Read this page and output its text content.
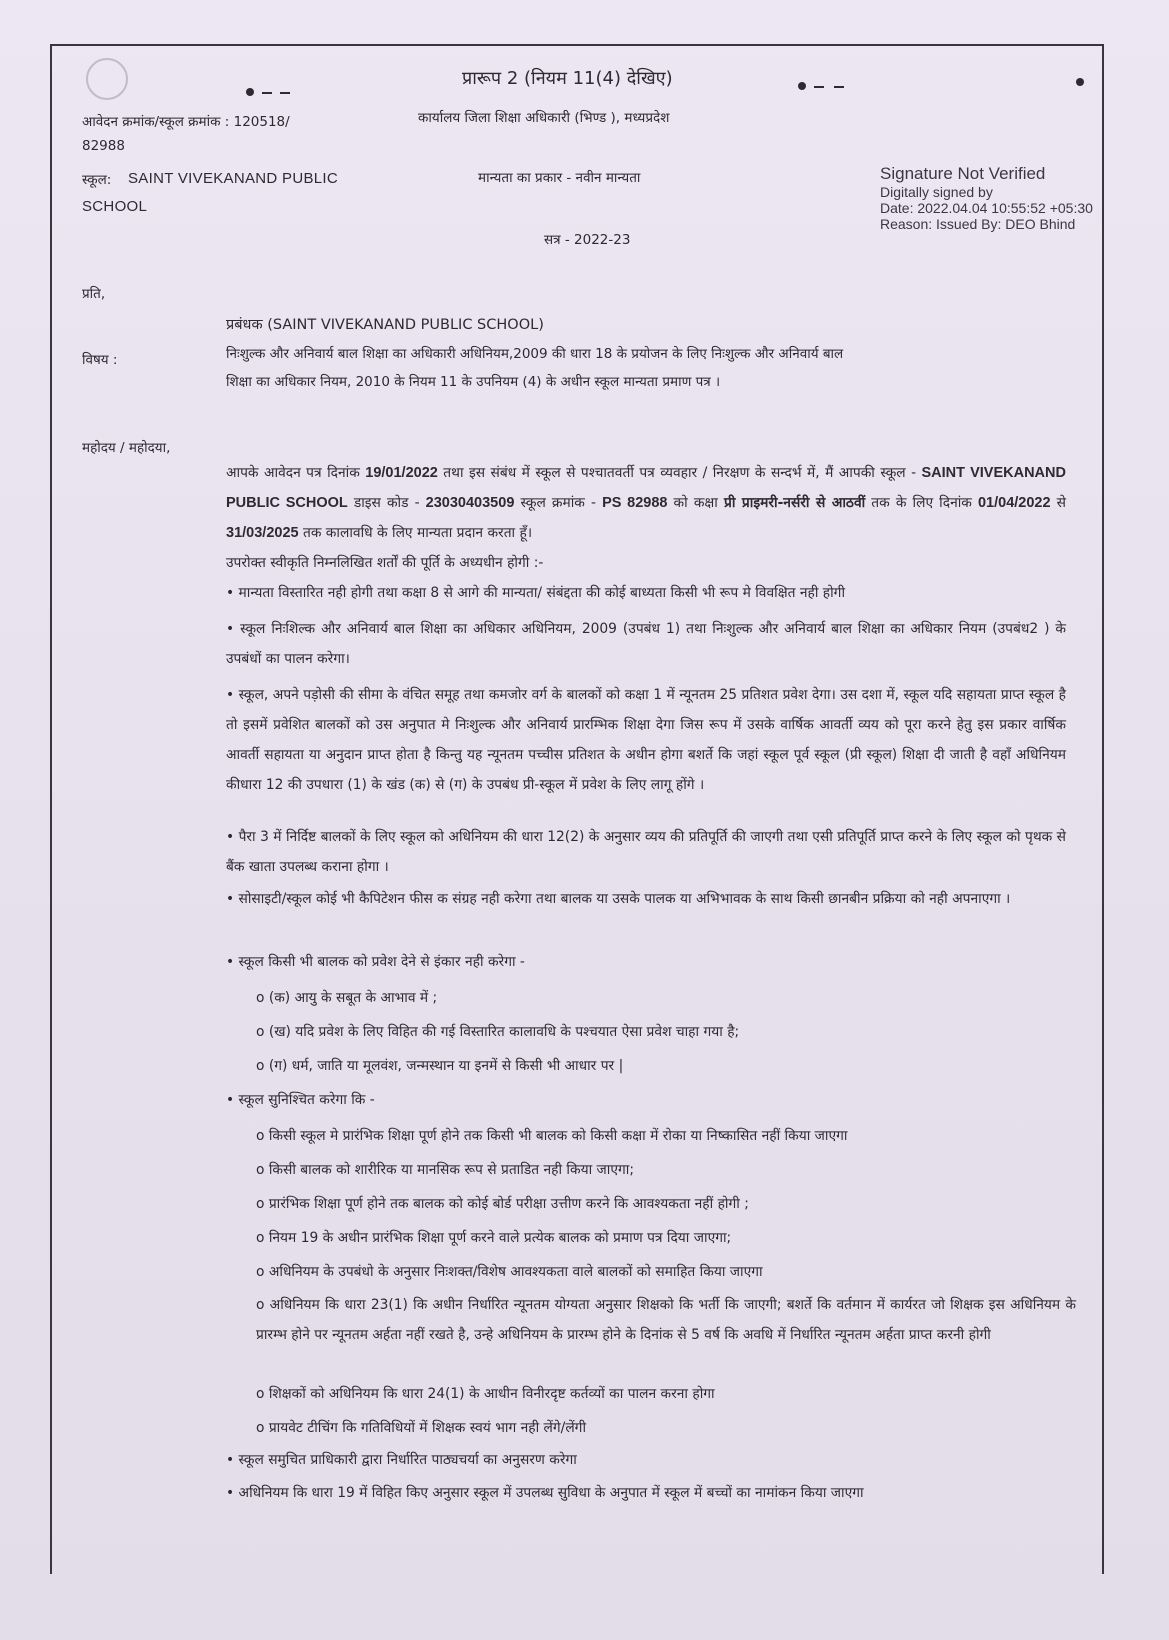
प्रारूप 2 (नियम 11(4) देखिए)
आवेदन क्रमांक/स्कूल क्रमांक : 120518/
82988
कार्यालय जिला शिक्षा अधिकारी (भिण्ड ), मध्यप्रदेश
स्कूल: SAINT VIVEKANAND PUBLIC
SCHOOL
मान्यता का प्रकार - नवीन मान्यता
सत्र - 2022-23
Signature Not Verified
Digitally signed by
Date: 2022.04.04 10:55:52 +05:30
Reason: Issued By: DEO Bhind
प्रति,
प्रबंधक (SAINT VIVEKANAND PUBLIC SCHOOL)
विषय :	निःशुल्क और अनिवार्य बाल शिक्षा का अधिकारी अधिनियम,2009 की धारा 18 के प्रयोजन के लिए निःशुल्क और अनिवार्य बाल
शिक्षा का अधिकार नियम, 2010 के नियम 11 के उपनियम (4) के अधीन स्कूल मान्यता प्रमाण पत्र ।
महोदय / महोदया,

आपके आवेदन पत्र दिनांक 19/01/2022 तथा इस संबंध में स्कूल से पश्चातवर्ती पत्र व्यवहार / निरक्षण के सन्दर्भ में, मैं आपकी स्कूल - SAINT VIVEKANAND PUBLIC SCHOOL डाइस कोड - 23030403509 स्कूल क्रमांक - PS 82988 को कक्षा प्री प्राइमरी-नर्सरी से आठवीं तक के लिए दिनांक 01/04/2022 से 31/03/2025 तक कालावधि के लिए मान्यता प्रदान करता हूँ।

उपरोक्त स्वीकृति निम्नलिखित शर्तों की पूर्ति के अध्यधीन होगी :-

• मान्यता विस्तारित नही होगी तथा कक्षा 8 से आगे की मान्यता/ संबंद्दता की कोई बाध्यता किसी भी रूप मे विवक्षित नही होगी
• स्कूल निःशिल्क और अनिवार्य बाल शिक्षा का अधिकार अधिनियम, 2009 (उपबंध 1) तथा निःशुल्क और अनिवार्य बाल शिक्षा का अधिकार नियम (उपबंध2 ) के उपबंधों का पालन करेगा।
• स्कूल, अपने पड़ोसी की सीमा के वंचित समूह तथा कमजोर वर्ग के बालकों को कक्षा 1 में न्यूनतम 25 प्रतिशत प्रवेश देगा। उस दशा में, स्कूल यदि सहायता प्राप्त स्कूल है तो इसमें प्रवेशित बालकों को उस अनुपात मे निःशुल्क और अनिवार्य प्रारम्भिक शिक्षा देगा जिस रूप में उसके वार्षिक आवर्ती व्यय को पूरा करने हेतु इस प्रकार वार्षिक आवर्ती सहायता या अनुदान प्राप्त होता है किन्तु यह न्यूनतम पच्चीस प्रतिशत के अधीन होगा बशर्ते कि जहां स्कूल पूर्व स्कूल (प्री स्कूल) शिक्षा दी जाती है वहाँ अधिनियम कीधारा 12 की उपधारा (1) के खंड (क) से (ग) के उपबंध प्री-स्कूल में प्रवेश के लिए लागू होंगे ।
• पैरा 3 में निर्दिष्ट बालकों के लिए स्कूल को अधिनियम की धारा 12(2) के अनुसार व्यय की प्रतिपूर्ति की जाएगी तथा एसी प्रतिपूर्ति प्राप्त करने के लिए स्कूल को पृथक से बैंक खाता उपलब्ध कराना होगा ।
• सोसाइटी/स्कूल कोई भी कैपिटेशन फीस क संग्रह नही करेगा तथा बालक या उसके पालक या अभिभावक के साथ किसी छानबीन प्रक्रिया को नही अपनाएगा ।
• स्कूल किसी भी बालक को प्रवेश देने से इंकार नही करेगा -
o (क) आयु के सबूत के आभाव में ;
o (ख) यदि प्रवेश के लिए विहित की गई विस्तारित कालावधि के पश्चयात ऐसा प्रवेश चाहा गया है;
o (ग) धर्म, जाति या मूलवंश, जन्मस्थान या इनमें से किसी भी आधार पर |
• स्कूल सुनिश्चित करेगा कि -
o किसी स्कूल मे प्रारंभिक शिक्षा पूर्ण होने तक किसी भी बालक को किसी कक्षा में रोका या निष्कासित नहीं किया जाएगा
o किसी बालक को शारीरिक या मानसिक रूप से प्रताडित नही किया जाएगा;
o प्रारंभिक शिक्षा पूर्ण होने तक बालक को कोई बोर्ड परीक्षा उत्तीण करने कि आवश्यकता नहीं होगी ;
o नियम 19 के अधीन प्रारंभिक शिक्षा पूर्ण करने वाले प्रत्येक बालक को प्रमाण पत्र दिया जाएगा;
o अधिनियम के उपबंधो के अनुसार निःशक्त/विशेष आवश्यकता वाले बालकों को समाहित किया जाएगा
o अधिनियम कि धारा 23(1) कि अधीन निर्धारित न्यूनतम योग्यता अनुसार शिक्षको कि भर्ती कि जाएगी; बशर्ते कि वर्तमान में कार्यरत जो शिक्षक इस अधिनियम के प्रारम्भ होने पर न्यूनतम अर्हता नहीं रखते है, उन्हे अधिनियम के प्रारम्भ होने के दिनांक से 5 वर्ष कि अवधि में निर्धारित न्यूनतम अर्हता प्राप्त करनी होगी
o शिक्षकों को अधिनियम कि धारा 24(1) के आधीन विनीरदृष्ट कर्तव्यों का पालन करना होगा
o प्रायवेट टीचिंग कि गतिविधियों में शिक्षक स्वयं भाग नही लेंगे/लेंगी
• स्कूल समुचित प्राधिकारी द्वारा निर्धारित पाठ्यचर्या का अनुसरण करेगा
• अधिनियम कि धारा 19 में विहित किए अनुसार स्कूल में उपलब्ध सुविधा के अनुपात में स्कूल में बच्चों का नामांकन किया जाएगा
